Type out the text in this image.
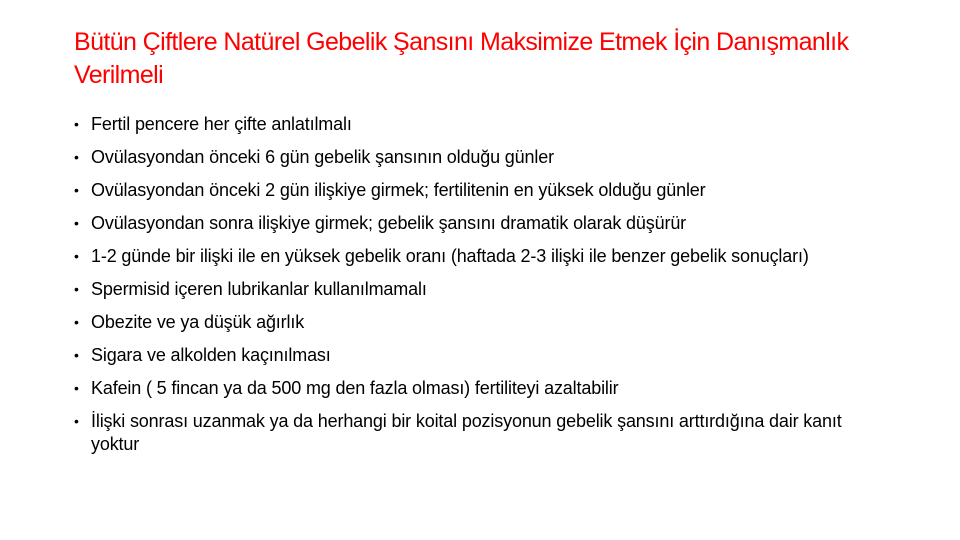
Bütün Çiftlere Natürel Gebelik Şansını Maksimize Etmek İçin Danışmanlık Verilmeli
• Fertil pencere her çifte anlatılmalı
• Ovülasyondan önceki 6 gün gebelik şansının olduğu günler
• Ovülasyondan önceki 2 gün ilişkiye girmek; fertilitenin en yüksek olduğu günler
• Ovülasyondan sonra ilişkiye girmek; gebelik şansını dramatik olarak düşürür
• 1-2 günde bir ilişki ile en yüksek gebelik oranı (haftada 2-3 ilişki ile benzer gebelik sonuçları)
• Spermisid içeren lubrikanlar kullanılmamalı
• Obezite ve ya düşük ağırlık
• Sigara ve alkolden kaçınılması
• Kafein ( 5 fincan ya da 500 mg den fazla olması) fertiliteyi azaltabilir
• İlişki sonrası uzanmak ya da herhangi bir koital pozisyonun gebelik şansını arttırdığına dair kanıt yoktur
